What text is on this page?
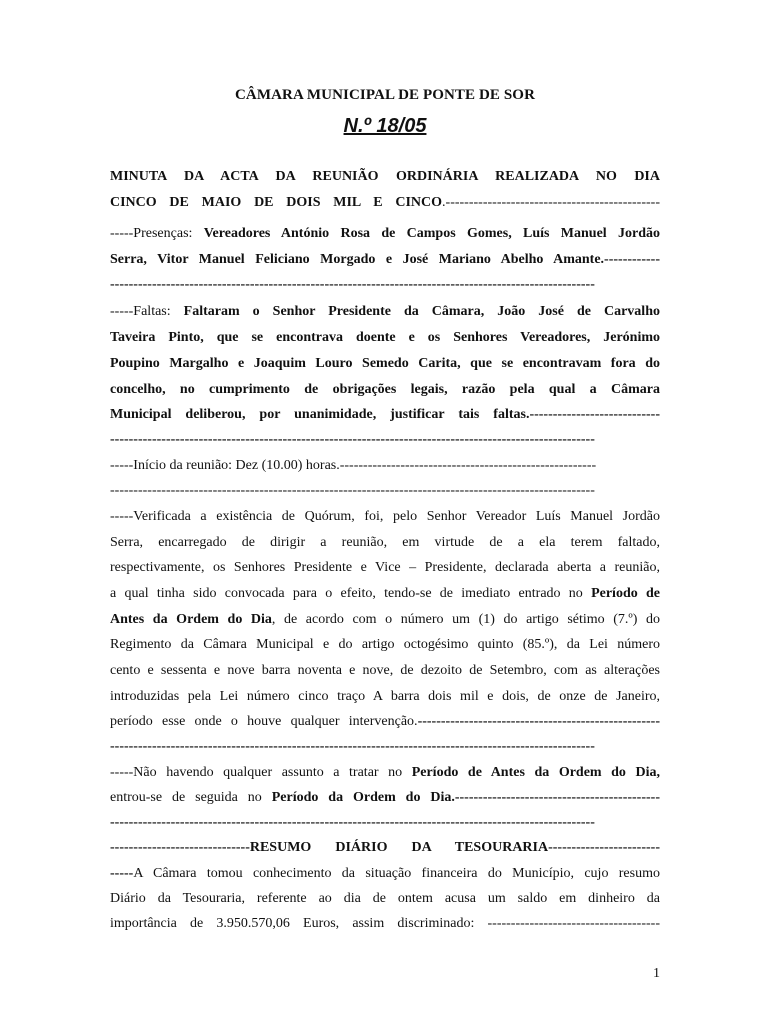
CÂMARA MUNICIPAL DE PONTE DE SOR
N.º 18/05
MINUTA DA ACTA DA REUNIÃO ORDINÁRIA REALIZADA NO DIA
CINCO DE MAIO DE DOIS MIL E CINCO.----------------------------------------------
-----Presenças: Vereadores António Rosa de Campos Gomes, Luís Manuel Jordão
Serra, Vitor Manuel Feliciano Morgado e José Mariano Abelho Amante.------------
--------------------------------------------------------------------------------------------------------
-----Faltas: Faltaram o Senhor Presidente da Câmara, João José de Carvalho
Taveira Pinto, que se encontrava doente e os Senhores Vereadores, Jerónimo
Poupino Margalho e Joaquim Louro Semedo Carita, que se encontravam fora do
concelho, no cumprimento de obrigações legais, razão pela qual a Câmara
Municipal deliberou, por unanimidade, justificar tais faltas.----------------------------
--------------------------------------------------------------------------------------------------------
-----Início da reunião: Dez (10.00) horas.-------------------------------------------------------
--------------------------------------------------------------------------------------------------------
-----Verificada a existência de Quórum, foi, pelo Senhor Vereador Luís Manuel Jordão
Serra, encarregado de dirigir a reunião, em virtude de a ela terem faltado,
respectivamente, os Senhores Presidente e Vice – Presidente, declarada aberta a reunião,
a qual tinha sido convocada para o efeito, tendo-se de imediato entrado no Período de
Antes da Ordem do Dia, de acordo com o número um (1) do artigo sétimo (7.º) do
Regimento da Câmara Municipal e do artigo octogésimo quinto (85.º), da Lei número
cento e sessenta e nove barra noventa e nove, de dezoito de Setembro, com as alterações
introduzidas pela Lei número cinco traço A barra dois mil e dois, de onze de Janeiro,
período esse onde o houve qualquer intervenção.----------------------------------------------------
--------------------------------------------------------------------------------------------------------
-----Não havendo qualquer assunto a tratar no Período de Antes da Ordem do Dia,
entrou-se de seguida no Período da Ordem do Dia.--------------------------------------------
--------------------------------------------------------------------------------------------------------
------------------------------RESUMO DIÁRIO DA TESOURARIA------------------------
-----A Câmara tomou conhecimento da situação financeira do Município, cujo resumo
Diário da Tesouraria, referente ao dia de ontem acusa um saldo em dinheiro da
importância de 3.950.570,06 Euros, assim discriminado: -------------------------------------
1
